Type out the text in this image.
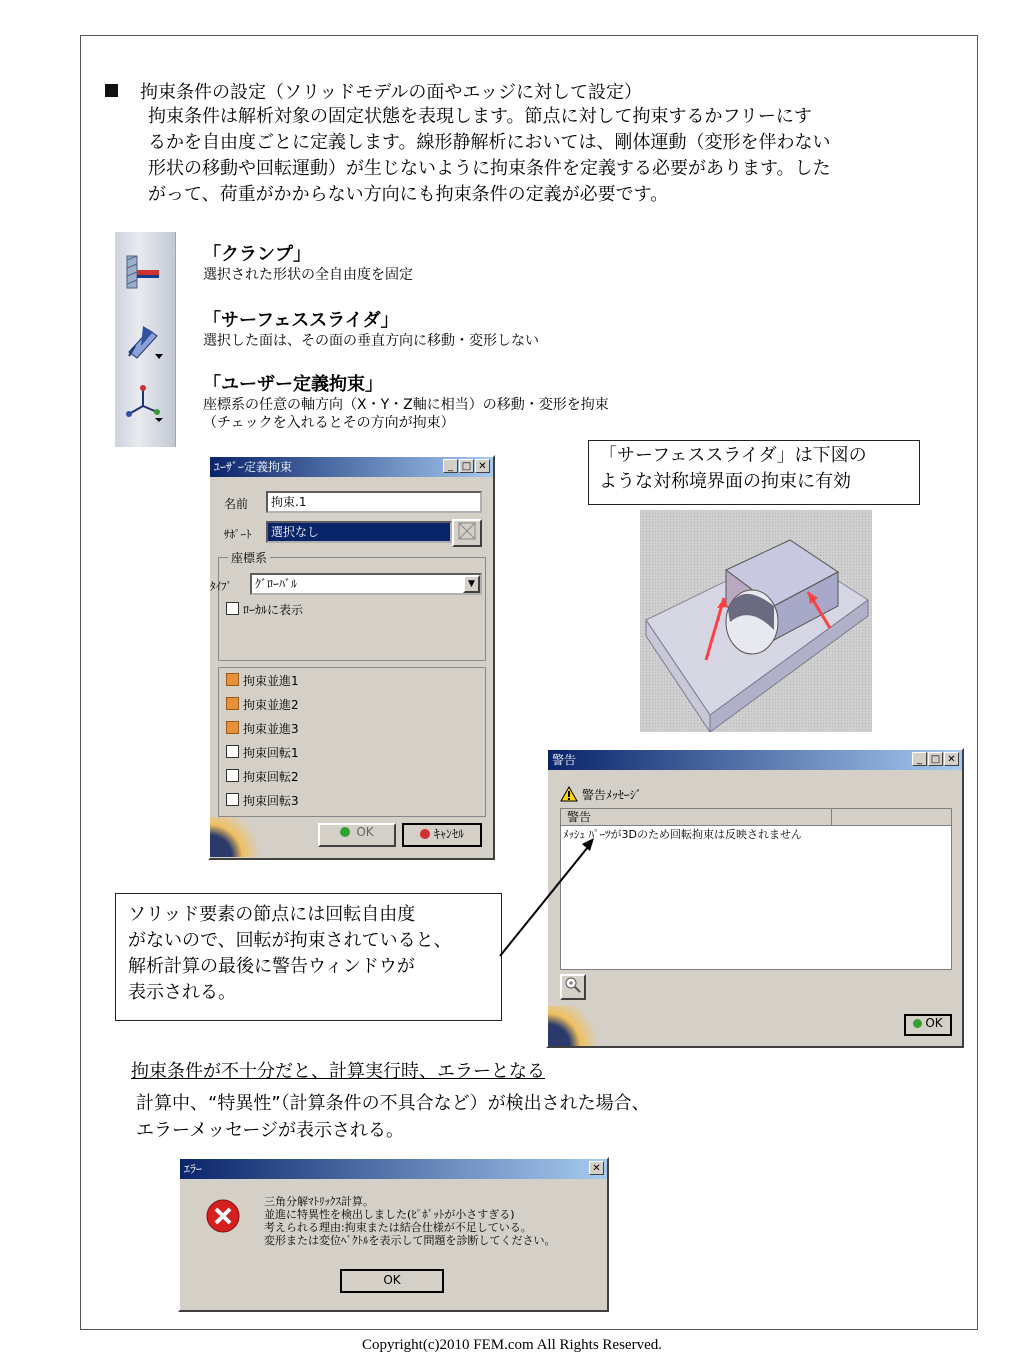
拘束条件の設定（ソリッドモデルの面やエッジに対して設定）
拘束条件は解析対象の固定状態を表現します。節点に対して拘束するかフリーにす
るかを自由度ごとに定義します。線形静解析においては、剛体運動（変形を伴わない
形状の移動や回転運動）が生じないように拘束条件を定義する必要があります。した
がって、荷重がかからない方向にも拘束条件の定義が必要です。
「クランプ」
選択された形状の全自由度を固定
「サーフェススライダ」
選択した面は、その面の垂直方向に移動・変形しない
「ユーザー定義拘束」
座標系の任意の軸方向（X・Y・Z軸に相当）の移動・変形を拘束
（チェックを入れるとその方向が拘束）
ﾕｰｻﾞｰ定義拘束	_ □ ✕
名前	拘束.1
ｻﾎﾟｰﾄ	選択なし
座標系
ﾀｲﾌﾟ	ｸﾞﾛｰﾊﾞﾙ	▼
ﾛｰｶﾙに表示
拘束並進1
拘束並進2
拘束並進3
拘束回転1
拘束回転2
拘束回転3
OK	ｷｬﾝｾﾙ
「サーフェススライダ」は下図の
ような対称境界面の拘束に有効
警告	_ □ ✕
警告ﾒｯｾｰｼﾞ
警告
ﾒｯｼｭ ﾊﾟｰﾂが3Dのため回転拘束は反映されません
OK
ソリッド要素の節点には回転自由度
がないので、回転が拘束されていると、
解析計算の最後に警告ウィンドウが
表示される。
拘束条件が不十分だと、計算実行時、エラーとなる
計算中、“特異性”（計算条件の不具合など）が検出された場合、
エラーメッセージが表示される。
ｴﾗｰ	✕
三角分解ﾏﾄﾘｯｸｽ計算。
並進に特異性を検出しました(ﾋﾟﾎﾞｯﾄが小さすぎる)
考えられる理由:拘束または結合仕様が不足している。
変形または変位ﾍﾞｸﾄﾙを表示して問題を診断してください。
OK
Copyright(c)2010 FEM.com All Rights Reserved.
